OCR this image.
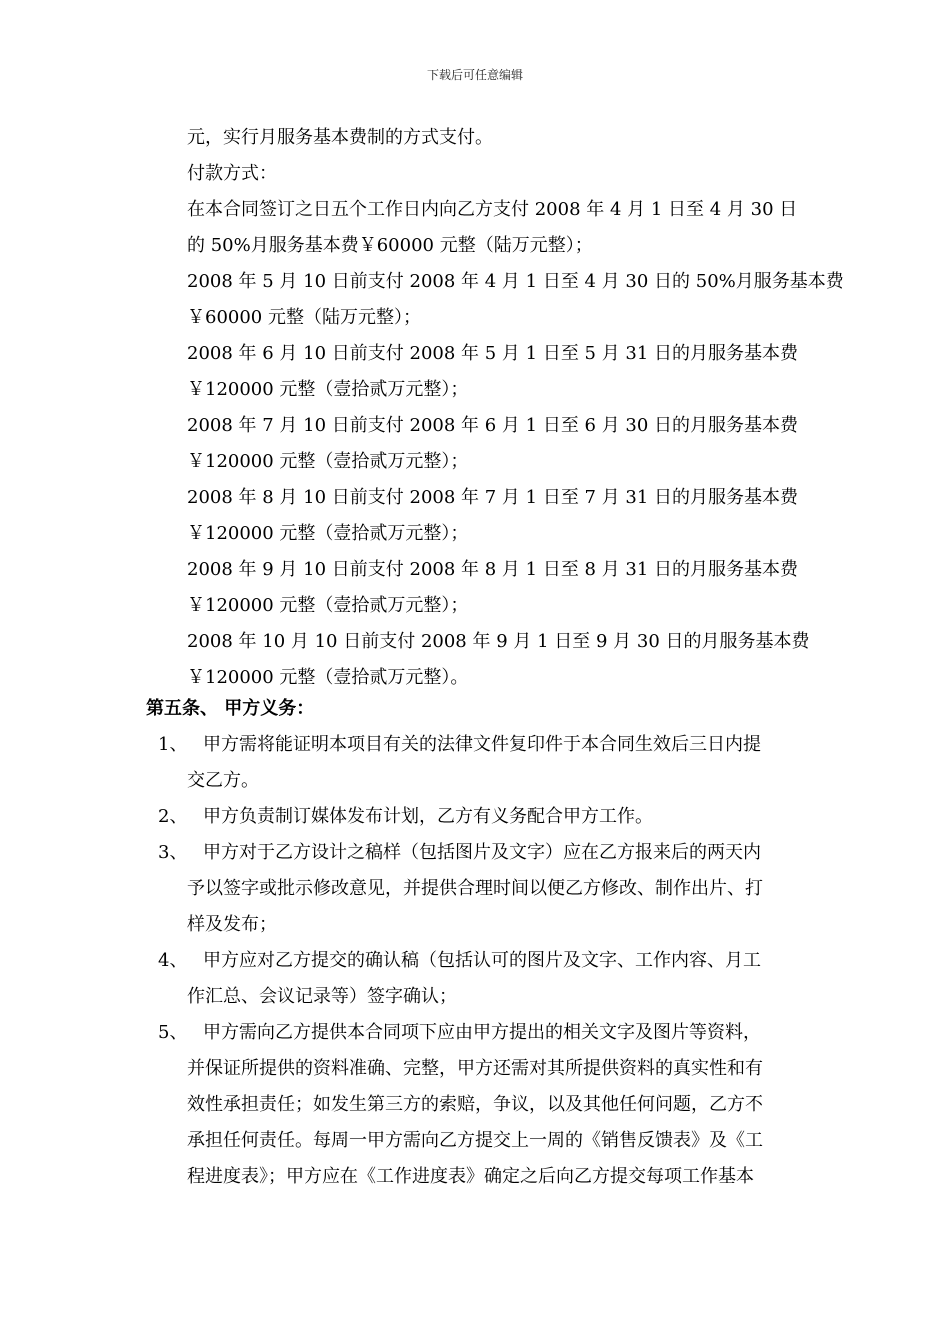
下载后可任意编辑
元，实行月服务基本费制的方式支付。
付款方式：
在本合同签订之日五个工作日内向乙方支付 2008 年 4 月 1 日至 4 月 30 日
的 50%月服务基本费￥60000 元整（陆万元整）；
2008 年 5 月 10 日前支付 2008 年 4 月 1 日至 4 月 30 日的 50%月服务基本费
￥60000 元整（陆万元整）；
2008 年 6 月 10 日前支付 2008 年 5 月 1 日至 5 月 31 日的月服务基本费
￥120000 元整（壹拾贰万元整）；
2008 年 7 月 10 日前支付 2008 年 6 月 1 日至 6 月 30 日的月服务基本费
￥120000 元整（壹拾贰万元整）；
2008 年 8 月 10 日前支付 2008 年 7 月 1 日至 7 月 31 日的月服务基本费
￥120000 元整（壹拾贰万元整）；
2008 年 9 月 10 日前支付 2008 年 8 月 1 日至 8 月 31 日的月服务基本费
￥120000 元整（壹拾贰万元整）；
2008 年 10 月 10 日前支付 2008 年 9 月 1 日至 9 月 30 日的月服务基本费
￥120000 元整（壹拾贰万元整）。
第五条、 甲方义务：
1、 甲方需将能证明本项目有关的法律文件复印件于本合同生效后三日内提
交乙方。
2、 甲方负责制订媒体发布计划，乙方有义务配合甲方工作。
3、 甲方对于乙方设计之稿样（包括图片及文字）应在乙方报来后的两天内
予以签字或批示修改意见，并提供合理时间以便乙方修改、制作出片、打
样及发布；
4、 甲方应对乙方提交的确认稿（包括认可的图片及文字、工作内容、月工
作汇总、会议记录等）签字确认；
5、 甲方需向乙方提供本合同项下应由甲方提出的相关文字及图片等资料，
并保证所提供的资料准确、完整，甲方还需对其所提供资料的真实性和有
效性承担责任；如发生第三方的索赔，争议，以及其他任何问题，乙方不
承担任何责任。每周一甲方需向乙方提交上一周的《销售反馈表》及《工
程进度表》；甲方应在《工作进度表》确定之后向乙方提交每项工作基本
